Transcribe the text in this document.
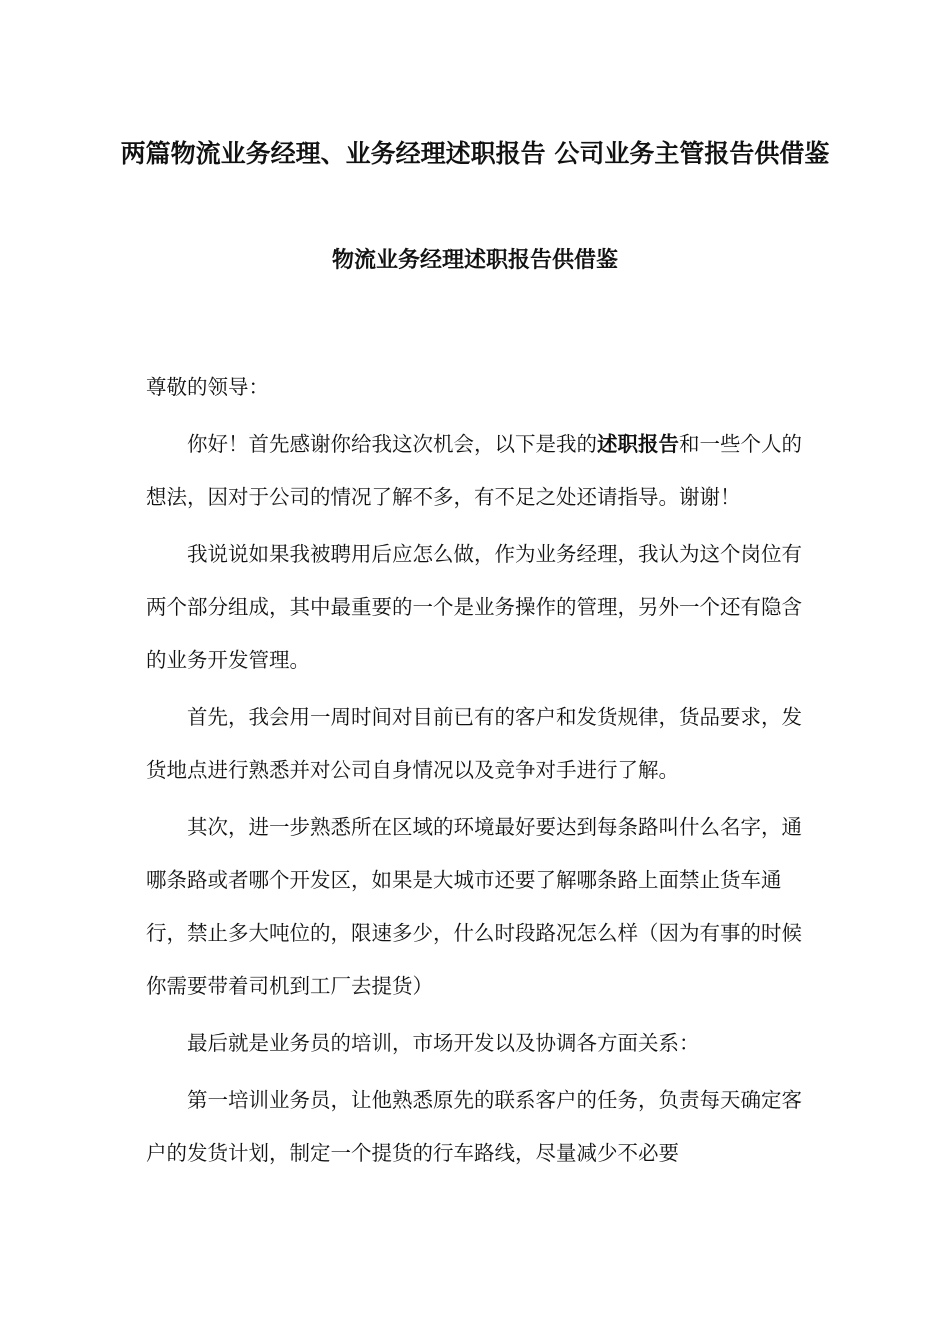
两篇物流业务经理、业务经理述职报告 公司业务主管报告供借鉴
物流业务经理述职报告供借鉴

尊敬的领导：

你好！首先感谢你给我这次机会，以下是我的述职报告和一些个人的想法，因对于公司的情况了解不多，有不足之处还请指导。谢谢！

我说说如果我被聘用后应怎么做，作为业务经理，我认为这个岗位有两个部分组成，其中最重要的一个是业务操作的管理，另外一个还有隐含的业务开发管理。

首先，我会用一周时间对目前已有的客户和发货规律，货品要求，发货地点进行熟悉并对公司自身情况以及竞争对手进行了解。

其次，进一步熟悉所在区域的环境最好要达到每条路叫什么名字，通哪条路或者哪个开发区，如果是大城市还要了解哪条路上面禁止货车通行，禁止多大吨位的，限速多少，什么时段路况怎么样（因为有事的时候你需要带着司机到工厂去提货）

最后就是业务员的培训，市场开发以及协调各方面关系：

第一培训业务员，让他熟悉原先的联系客户的任务，负责每天确定客户的发货计划，制定一个提货的行车路线，尽量减少不必要
